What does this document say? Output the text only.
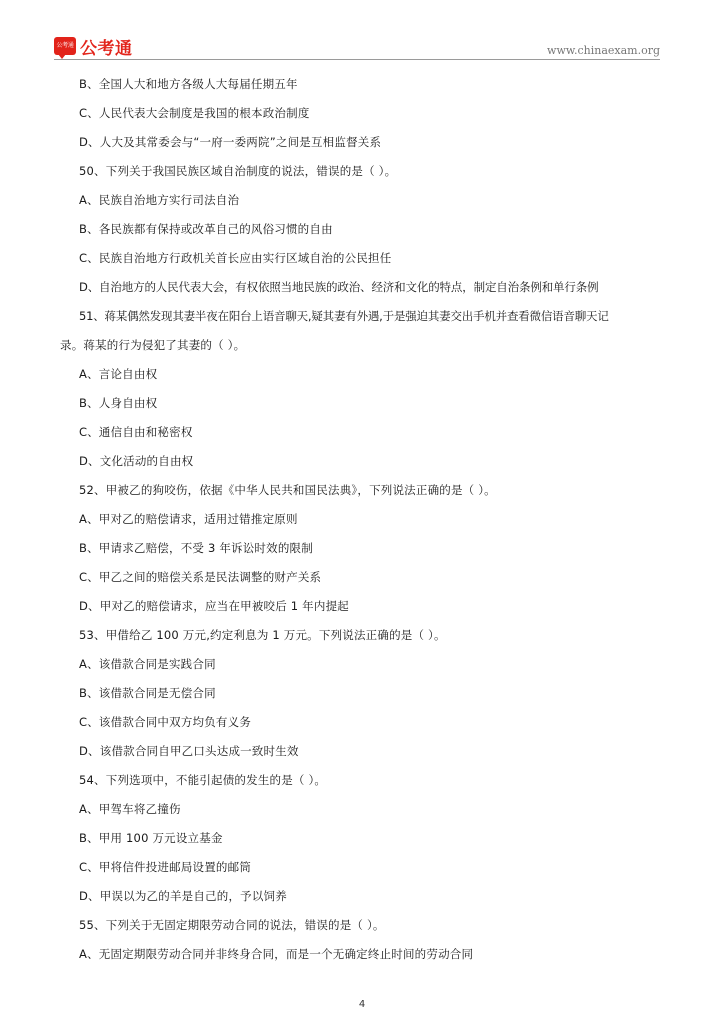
公考通 公考通	www.chinaexam.org
B、全国人大和地方各级人大每届任期五年
C、人民代表大会制度是我国的根本政治制度
D、人大及其常委会与“一府一委两院”之间是互相监督关系
50、下列关于我国民族区域自治制度的说法，错误的是（ ）。
A、民族自治地方实行司法自治
B、各民族都有保持或改革自己的风俗习惯的自由
C、民族自治地方行政机关首长应由实行区域自治的公民担任
D、自治地方的人民代表大会，有权依照当地民族的政治、经济和文化的特点，制定自治条例和单行条例
51、蒋某偶然发现其妻半夜在阳台上语音聊天,疑其妻有外遇,于是强迫其妻交出手机并查看微信语音聊天记
录。蒋某的行为侵犯了其妻的（ ）。
A、言论自由权
B、人身自由权
C、通信自由和秘密权
D、文化活动的自由权
52、甲被乙的狗咬伤，依据《中华人民共和国民法典》，下列说法正确的是（ ）。
A、甲对乙的赔偿请求，适用过错推定原则
B、甲请求乙赔偿，不受 3 年诉讼时效的限制
C、甲乙之间的赔偿关系是民法调整的财产关系
D、甲对乙的赔偿请求，应当在甲被咬后 1 年内提起
53、甲借给乙 100 万元,约定利息为 1 万元。下列说法正确的是（ ）。
A、该借款合同是实践合同
B、该借款合同是无偿合同
C、该借款合同中双方均负有义务
D、该借款合同自甲乙口头达成一致时生效
54、下列选项中，不能引起债的发生的是（ ）。
A、甲驾车将乙撞伤
B、甲用 100 万元设立基金
C、甲将信件投进邮局设置的邮筒
D、甲误以为乙的羊是自己的，予以饲养
55、下列关于无固定期限劳动合同的说法，错误的是（ ）。
A、无固定期限劳动合同并非终身合同，而是一个无确定终止时间的劳动合同
4
